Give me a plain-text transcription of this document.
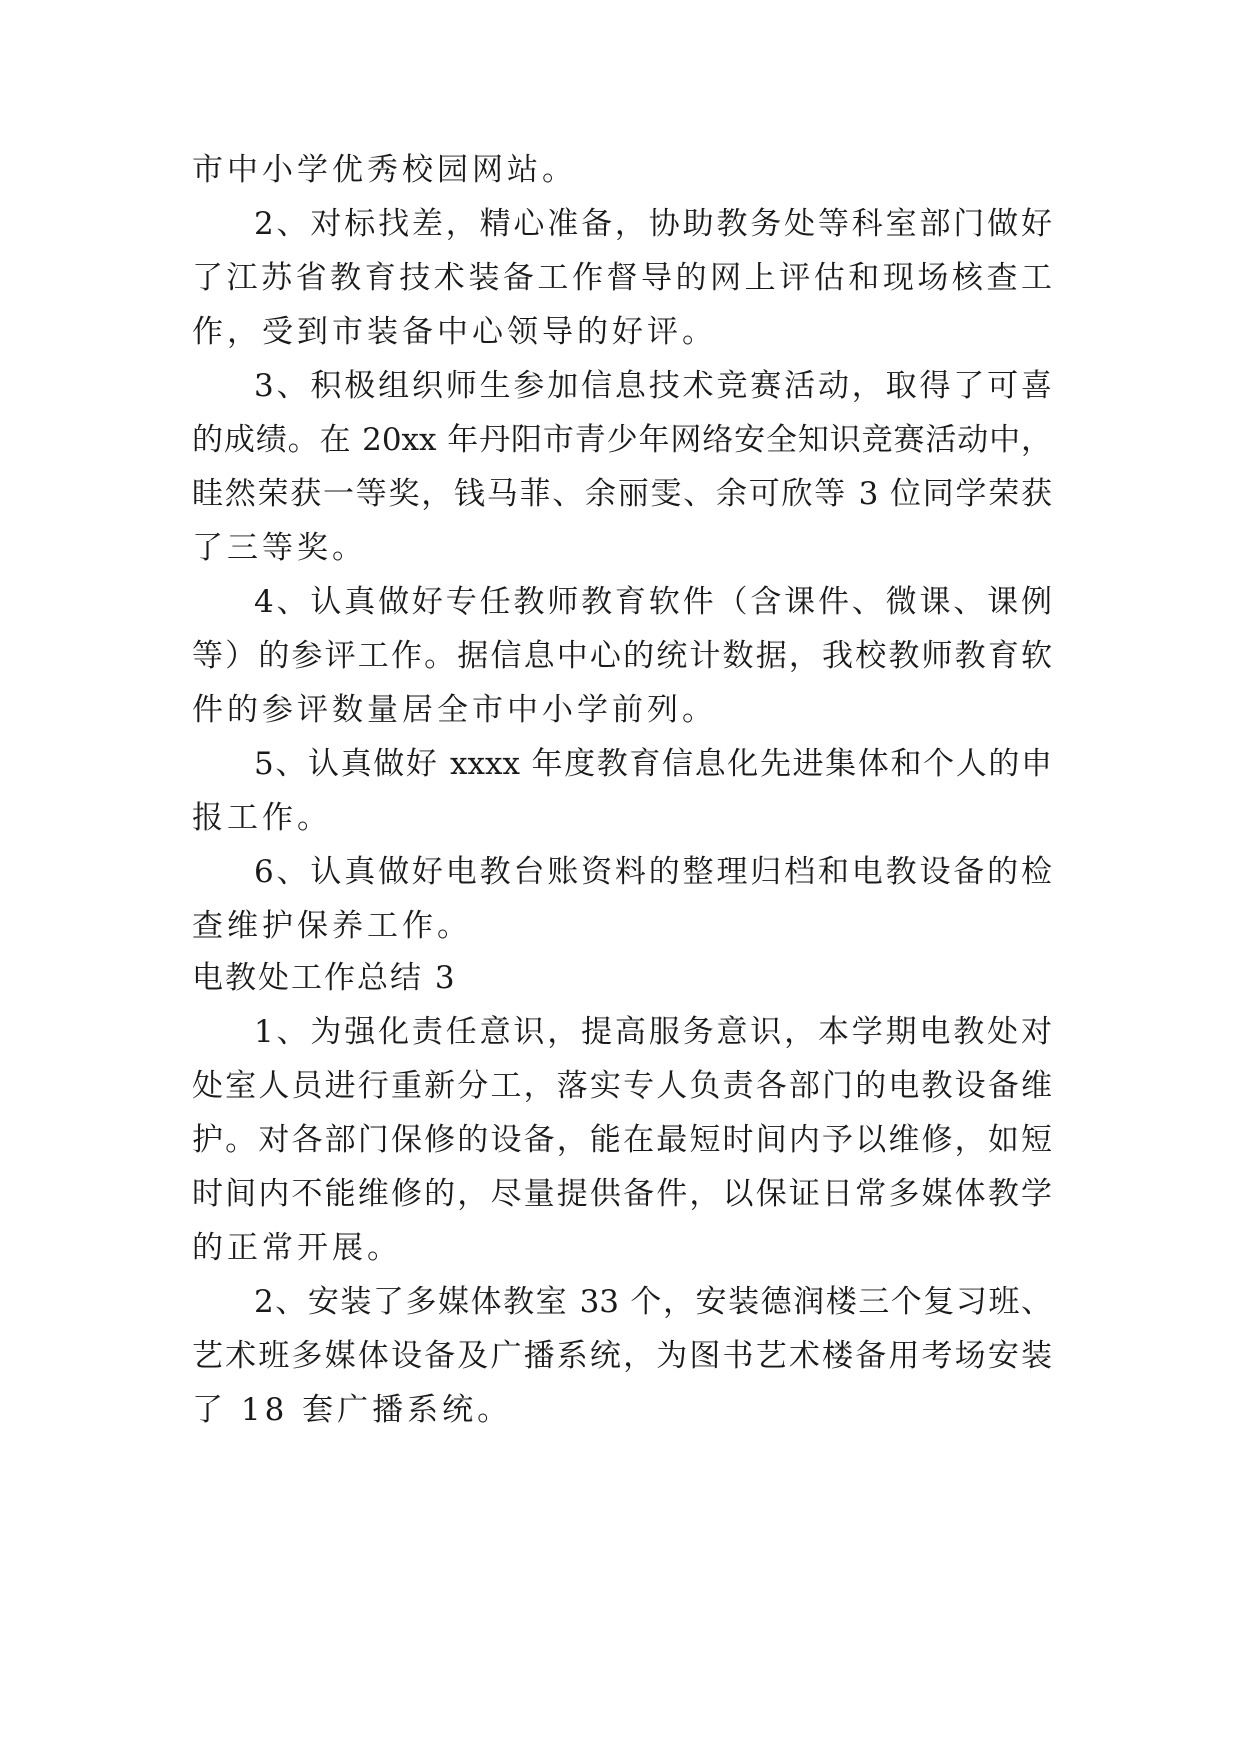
市中小学优秀校园网站。
2、对标找差，精心准备，协助教务处等科室部门做好
了江苏省教育技术装备工作督导的网上评估和现场核查工
作，受到市装备中心领导的好评。
3、积极组织师生参加信息技术竞赛活动，取得了可喜
的成绩。在 20xx 年丹阳市青少年网络安全知识竞赛活动中，
眭然荣获一等奖，钱马菲、余丽雯、余可欣等 3 位同学荣获
了三等奖。
4、认真做好专任教师教育软件（含课件、微课、课例
等）的参评工作。据信息中心的统计数据，我校教师教育软
件的参评数量居全市中小学前列。
5、认真做好 xxxx 年度教育信息化先进集体和个人的申
报工作。
6、认真做好电教台账资料的整理归档和电教设备的检
查维护保养工作。
电教处工作总结 3
1、为强化责任意识，提高服务意识，本学期电教处对
处室人员进行重新分工，落实专人负责各部门的电教设备维
护。对各部门保修的设备，能在最短时间内予以维修，如短
时间内不能维修的，尽量提供备件，以保证日常多媒体教学
的正常开展。
2、安装了多媒体教室 33 个，安装德润楼三个复习班、
艺术班多媒体设备及广播系统，为图书艺术楼备用考场安装
了 18 套广播系统。
